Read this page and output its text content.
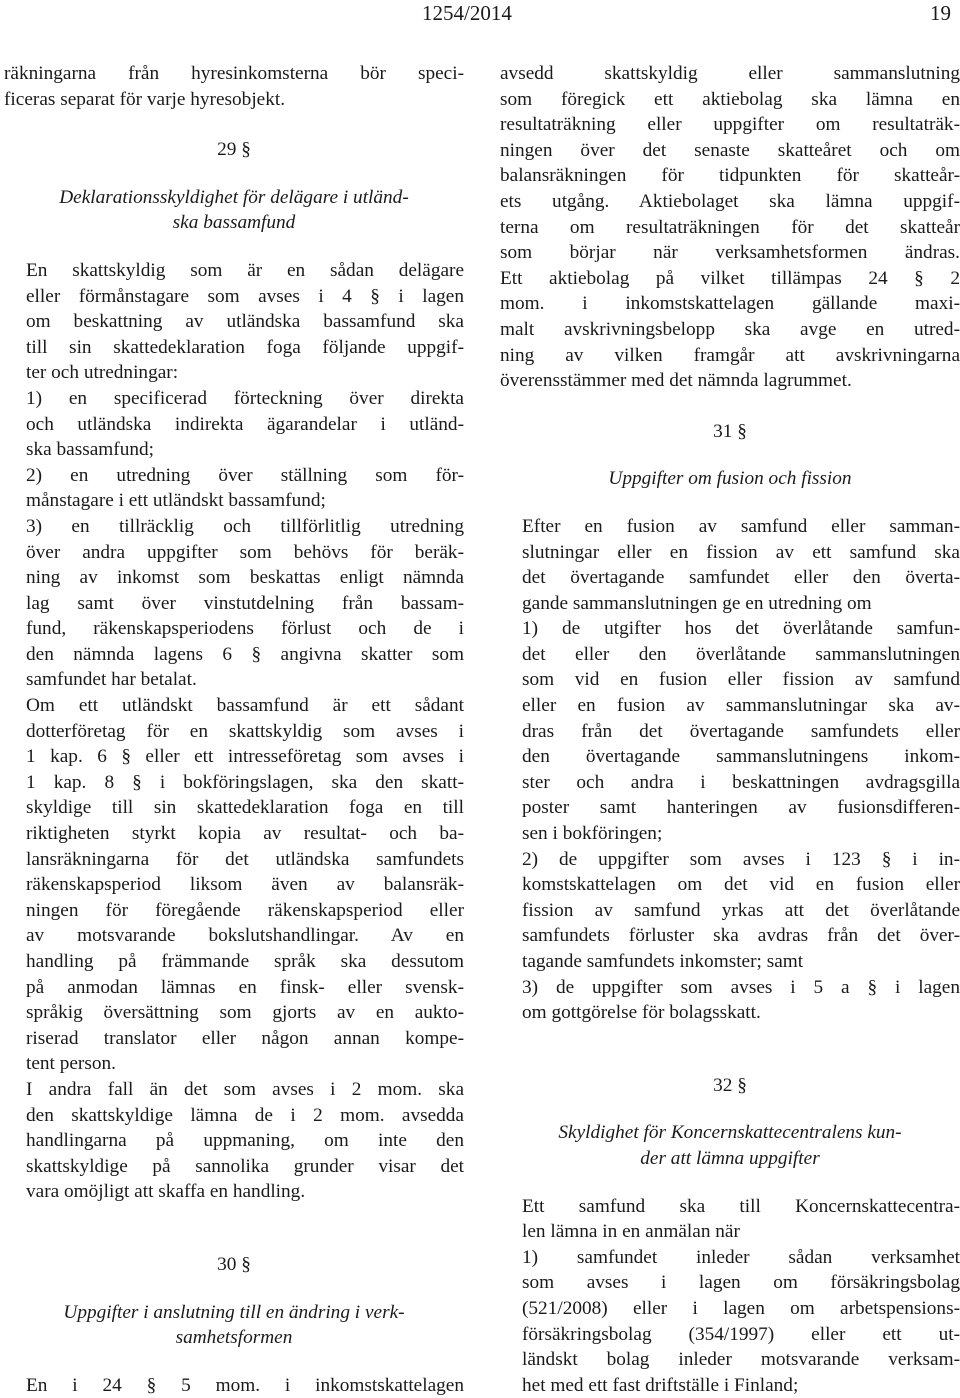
1254/2014	19
räkningarna från hyresinkomsterna bör speci-
ficeras separat för varje hyresobjekt.
29 §
Deklarationsskyldighet för delägare i utländ-
ska bassamfund
En skattskyldig som är en sådan delägare
eller förmånstagare som avses i 4 § i lagen
om beskattning av utländska bassamfund ska
till sin skattedeklaration foga följande uppgif-
ter och utredningar:
1) en specificerad förteckning över direkta
och utländska indirekta ägarandelar i utländ-
ska bassamfund;
2) en utredning över ställning som för-
månstagare i ett utländskt bassamfund;
3) en tillräcklig och tillförlitlig utredning
över andra uppgifter som behövs för beräk-
ning av inkomst som beskattas enligt nämnda
lag samt över vinstutdelning från bassam-
fund, räkenskapsperiodens förlust och de i
den nämnda lagens 6 § angivna skatter som
samfundet har betalat.
Om ett utländskt bassamfund är ett sådant
dotterföretag för en skattskyldig som avses i
1 kap. 6 § eller ett intresseföretag som avses i
1 kap. 8 § i bokföringslagen, ska den skatt-
skyldige till sin skattedeklaration foga en till
riktigheten styrkt kopia av resultat- och ba-
lansräkningarna för det utländska samfundets
räkenskapsperiod liksom även av balansräk-
ningen för föregående räkenskapsperiod eller
av motsvarande bokslutshandlingar. Av en
handling på främmande språk ska dessutom
på anmodan lämnas en finsk- eller svensk-
språkig översättning som gjorts av en aukto-
riserad translator eller någon annan kompe-
tent person.
I andra fall än det som avses i 2 mom. ska
den skattskyldige lämna de i 2 mom. avsedda
handlingarna på uppmaning, om inte den
skattskyldige på sannolika grunder visar det
vara omöjligt att skaffa en handling.
30 §
Uppgifter i anslutning till en ändring i verk-
samhetsformen
En i 24 § 5 mom. i inkomstskattelagen
avsedd skattskyldig eller sammanslutning
som föregick ett aktiebolag ska lämna en
resultaträkning eller uppgifter om resultaträk-
ningen över det senaste skatteåret och om
balansräkningen för tidpunkten för skatteår-
ets utgång. Aktiebolaget ska lämna uppgif-
terna om resultaträkningen för det skatteår
som börjar när verksamhetsformen ändras.
Ett aktiebolag på vilket tillämpas 24 § 2
mom. i inkomstskattelagen gällande maxi-
malt avskrivningsbelopp ska avge en utred-
ning av vilken framgår att avskrivningarna
överensstämmer med det nämnda lagrummet.
31 §
Uppgifter om fusion och fission
Efter en fusion av samfund eller samman-
slutningar eller en fission av ett samfund ska
det övertagande samfundet eller den överta-
gande sammanslutningen ge en utredning om
1) de utgifter hos det överlåtande samfun-
det eller den överlåtande sammanslutningen
som vid en fusion eller fission av samfund
eller en fusion av sammanslutningar ska av-
dras från det övertagande samfundets eller
den övertagande sammanslutningens inkom-
ster och andra i beskattningen avdragsgilla
poster samt hanteringen av fusionsdifferen-
sen i bokföringen;
2) de uppgifter som avses i 123 § i in-
komstskattelagen om det vid en fusion eller
fission av samfund yrkas att det överlåtande
samfundets förluster ska avdras från det över-
tagande samfundets inkomster; samt
3) de uppgifter som avses i 5 a § i lagen
om gottgörelse för bolagsskatt.
32 §
Skyldighet för Koncernskattecentralens kun-
der att lämna uppgifter
Ett samfund ska till Koncernskattecentra-
len lämna in en anmälan när
1) samfundet inleder sådan verksamhet
som avses i lagen om försäkringsbolag
(521/2008) eller i lagen om arbetspensions-
försäkringsbolag (354/1997) eller ett ut-
ländskt bolag inleder motsvarande verksam-
het med ett fast driftställe i Finland;
